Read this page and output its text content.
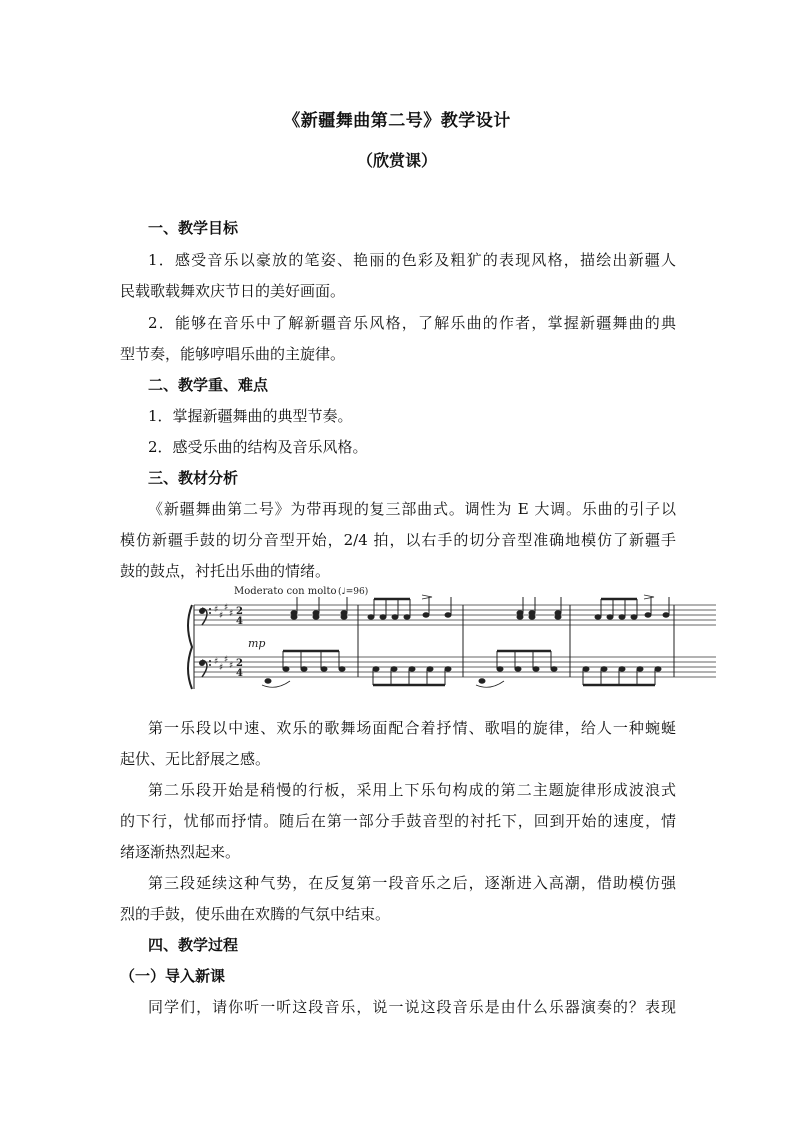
《新疆舞曲第二号》教学设计
（欣赏课）
一、教学目标
1．感受音乐以豪放的笔姿、艳丽的色彩及粗犷的表现风格，描绘出新疆人
民载歌载舞欢庆节日的美好画面。
2．能够在音乐中了解新疆音乐风格，了解乐曲的作者，掌握新疆舞曲的典
型节奏，能够哼唱乐曲的主旋律。
二、教学重、难点
1．掌握新疆舞曲的典型节奏。
2．感受乐曲的结构及音乐风格。
三、教材分析
《新疆舞曲第二号》为带再现的复三部曲式。调性为 E 大调。乐曲的引子以
模仿新疆手鼓的切分音型开始，2/4 拍，以右手的切分音型准确地模仿了新疆手
鼓的鼓点，衬托出乐曲的情绪。
Moderato con molto (♩=96)
♯
♯
♯
♯
♯
♯
♯
♯
2
4
2
4
mp
第一乐段以中速、欢乐的歌舞场面配合着抒情、歌唱的旋律，给人一种蜿蜒
起伏、无比舒展之感。
第二乐段开始是稍慢的行板，采用上下乐句构成的第二主题旋律形成波浪式
的下行，忧郁而抒情。随后在第一部分手鼓音型的衬托下，回到开始的速度，情
绪逐渐热烈起来。
第三段延续这种气势，在反复第一段音乐之后，逐渐进入高潮，借助模仿强
烈的手鼓，使乐曲在欢腾的气氛中结束。
四、教学过程
（一）导入新课
同学们，请你听一听这段音乐，说一说这段音乐是由什么乐器演奏的？表现
